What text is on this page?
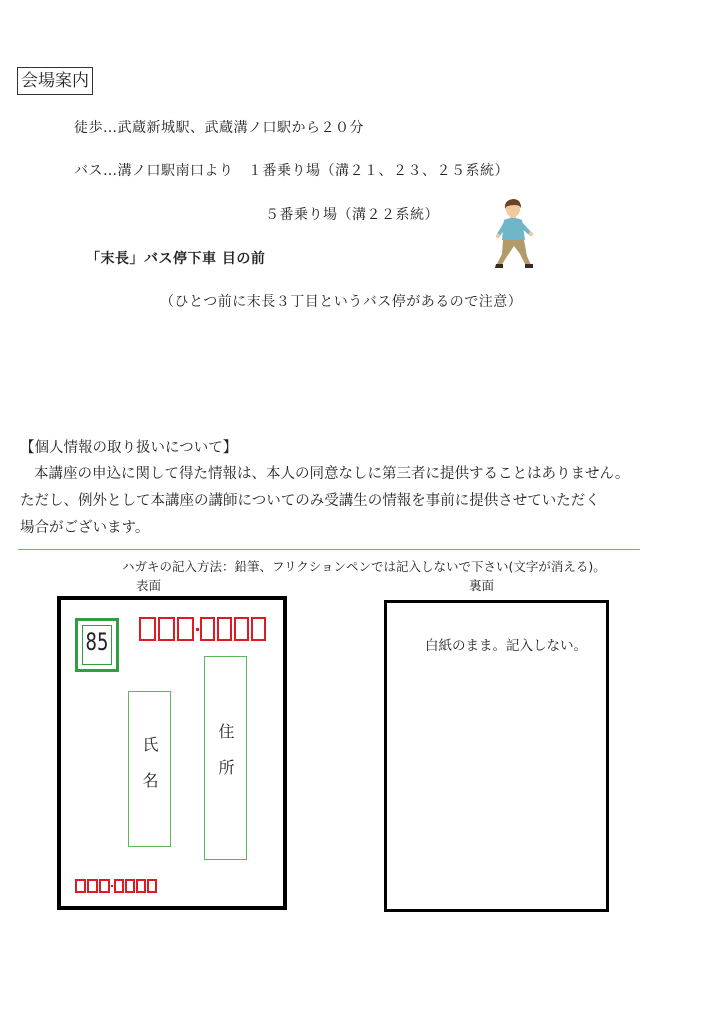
会場案内
徒歩…武蔵新城駅、武蔵溝ノ口駅から２０分
バス…溝ノ口駅南口より　１番乗り場（溝２１、２３、２５系統）
５番乗り場（溝２２系統）
「末長」バス停下車 目の前
（ひとつ前に末長３丁目というバス停があるので注意）
【個人情報の取り扱いについて】
本講座の申込に関して得た情報は、本人の同意なしに第三者に提供することはありません。
ただし、例外として本講座の講師についてのみ受講生の情報を事前に提供させていただく
場合がございます。
ハガキの記入方法：鉛筆、フリクションペンでは記入しないで下さい(文字が消える)。
表面	裏面
85
住所
氏名
白紙のまま。記入しない。
